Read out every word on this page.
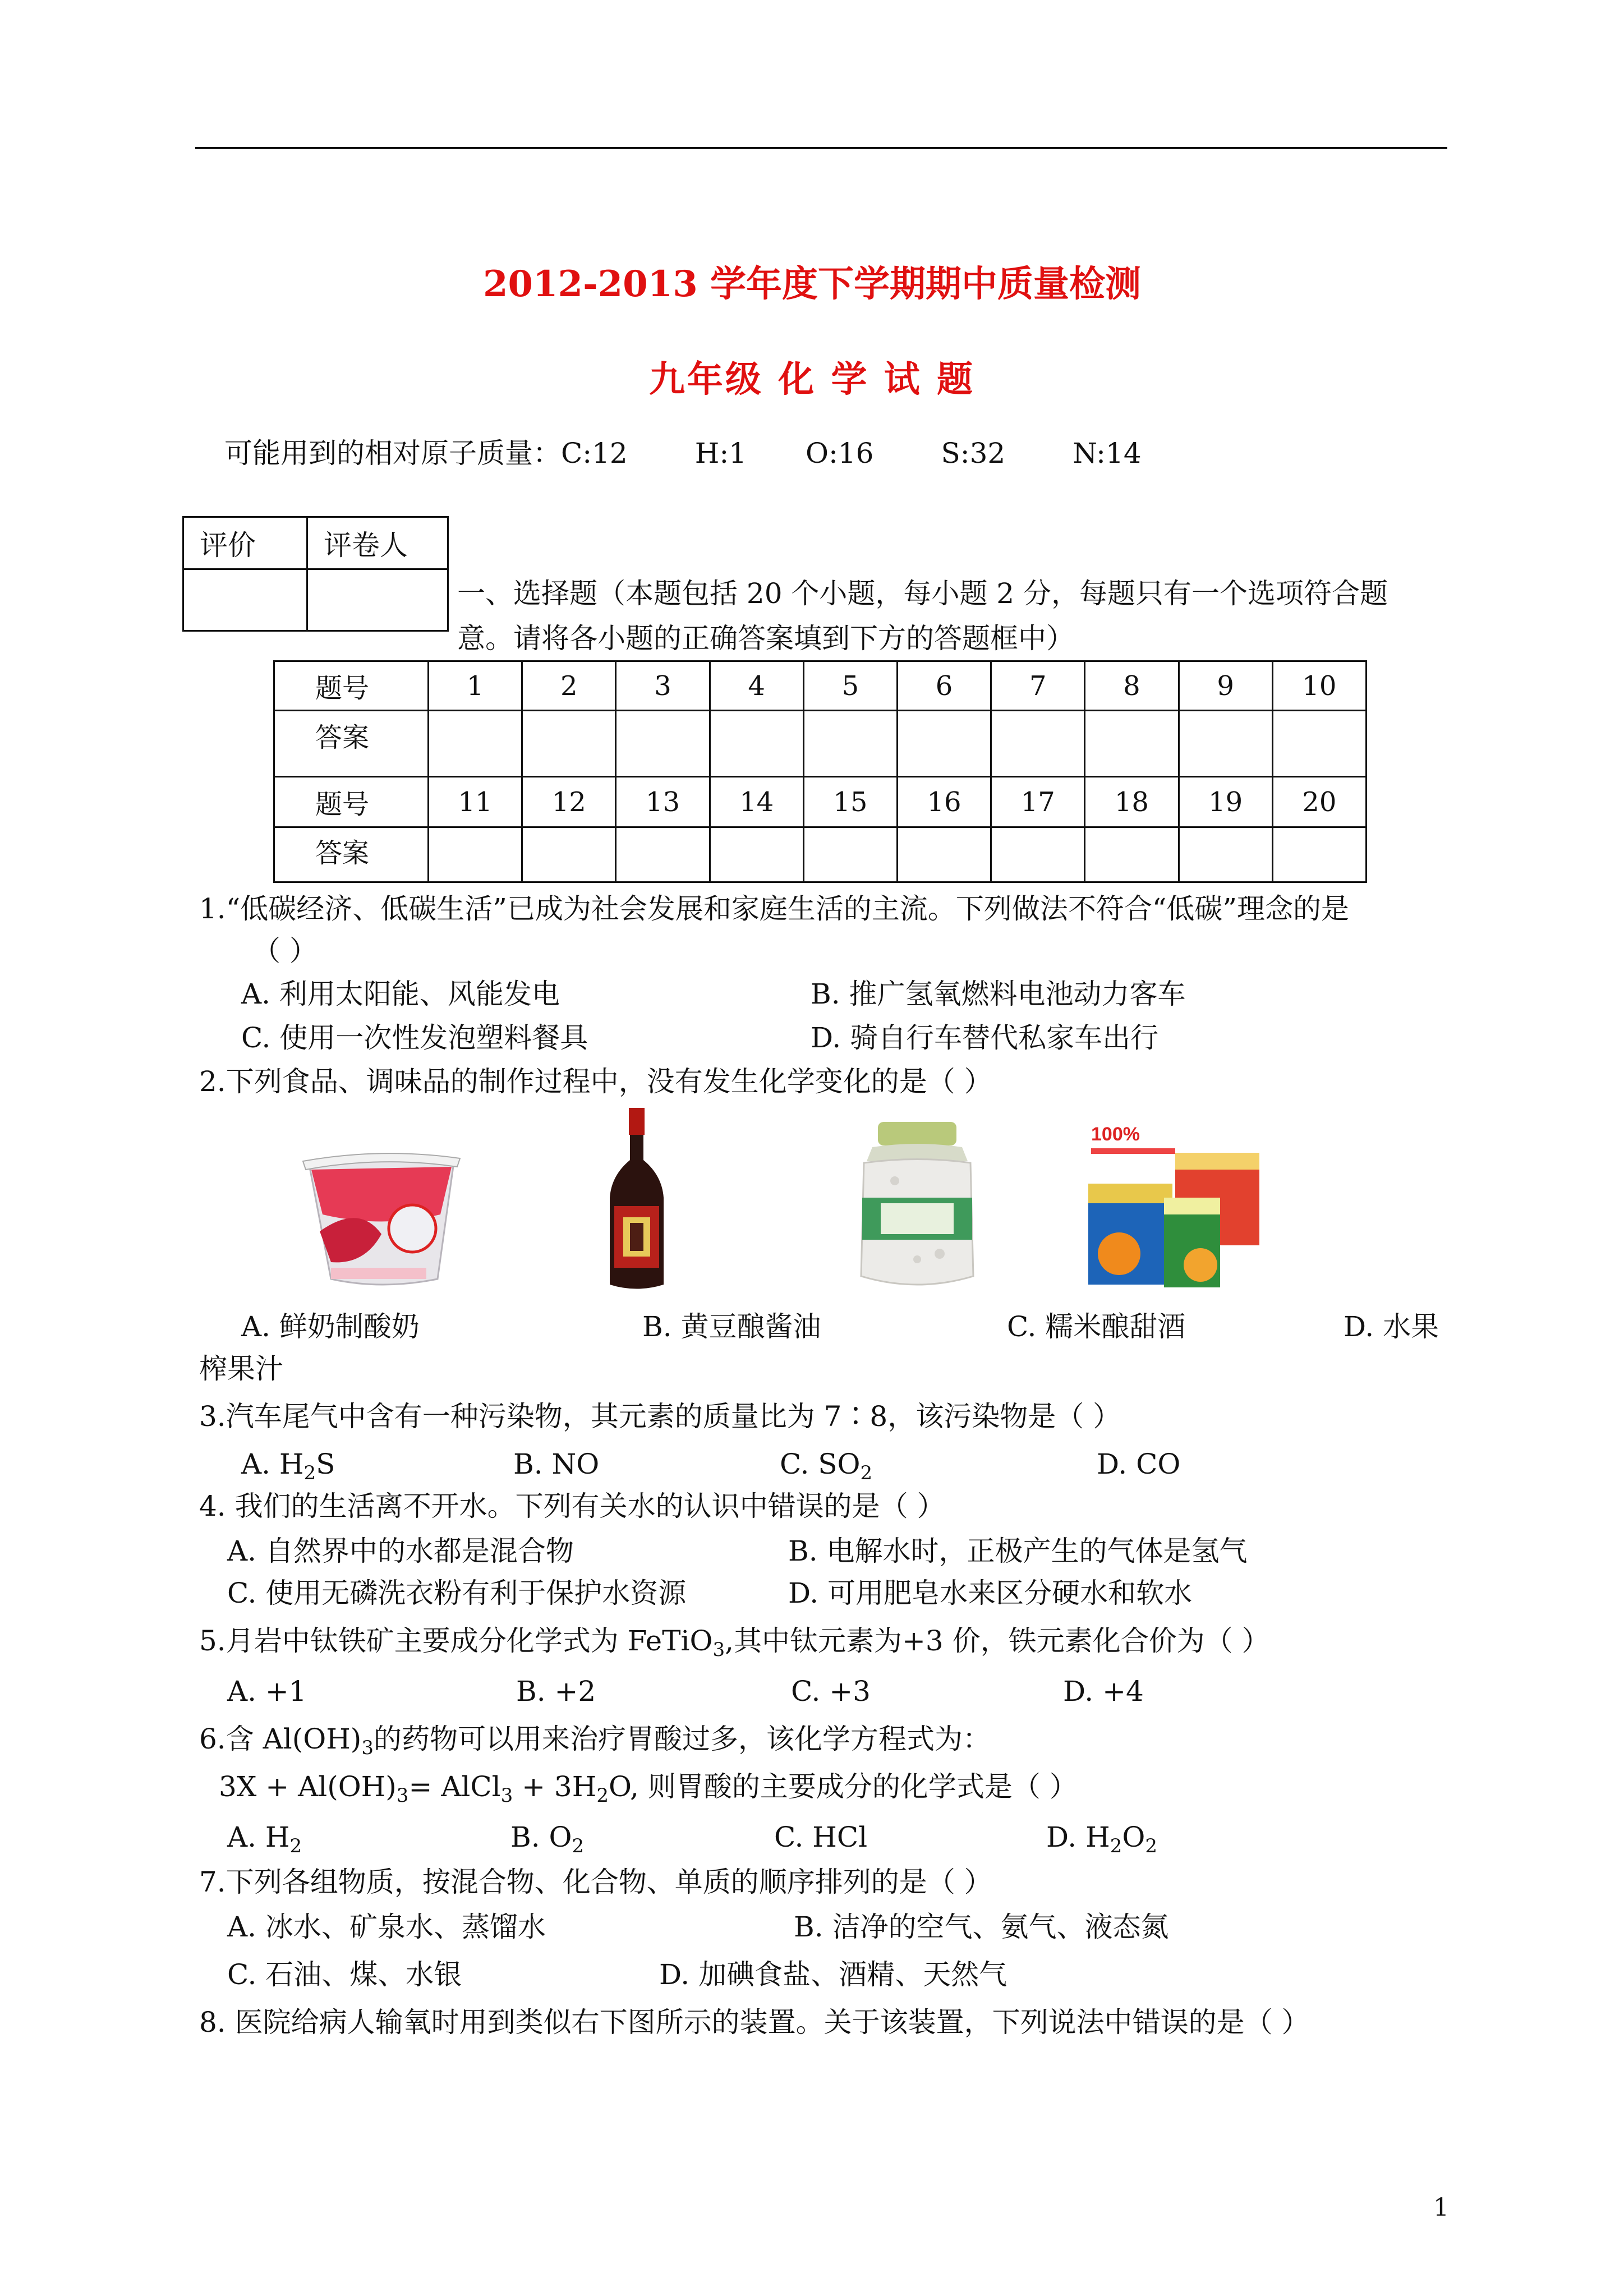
2012-2013 学年度下学期期中质量检测
九年级 化 学 试 题
可能用到的相对原子质量：C:12 H:1 O:16 S:32 N:14
评价	评卷人

一、选择题（本题包括 20 个小题，每小题 2 分，每题只有一个选项符合题
意。请将各小题的正确答案填到下方的答题框中）
题号	1	2	3	4	5	6	7	8	9	10
答案										
题号	11	12	13	14	15	16	17	18	19	20
答案										
1.“低碳经济、低碳生活”已成为社会发展和家庭生活的主流。下列做法不符合“低碳”理念的是
（ ）
A. 利用太阳能、风能发电	B. 推广氢氧燃料电池动力客车
C. 使用一次性发泡塑料餐具	D. 骑自行车替代私家车出行
2.下列食品、调味品的制作过程中，没有发生化学变化的是（ ）
100%
A. 鲜奶制酸奶	B. 黄豆酿酱油	C. 糯米酿甜酒	D. 水果
榨果汁
3.汽车尾气中含有一种污染物，其元素的质量比为 7∶8，该污染物是（ ）
A. $H_2S$	B. NO	C. $SO_2$	D. CO
4. 我们的生活离不开水。下列有关水的认识中错误的是（ ）
A. 自然界中的水都是混合物	B. 电解水时，正极产生的气体是氢气
C. 使用无磷洗衣粉有利于保护水资源	D. 可用肥皂水来区分硬水和软水
5.月岩中钛铁矿主要成分化学式为 FeTiO$_3$,其中钛元素为+3 价，铁元素化合价为（ ）
A. +1	B. +2	C. +3	D. +4
6.含 $Al(OH)_3$的药物可以用来治疗胃酸过多，该化学方程式为：
$3X + Al(OH)_3=$ AlCl$_3$ + $3H_2O$, 则胃酸的主要成分的化学式是（ ）
A. $H_2$	B. $O_2$	C. HCl	D. $H_2O_2$
7.下列各组物质，按混合物、化合物、单质的顺序排列的是（ ）
A. 冰水、矿泉水、蒸馏水	B. 洁净的空气、氨气、液态氮
C. 石油、煤、水银	D. 加碘食盐、酒精、天然气
8. 医院给病人输氧时用到类似右下图所示的装置。关于该装置，下列说法中错误的是（ ）
1
